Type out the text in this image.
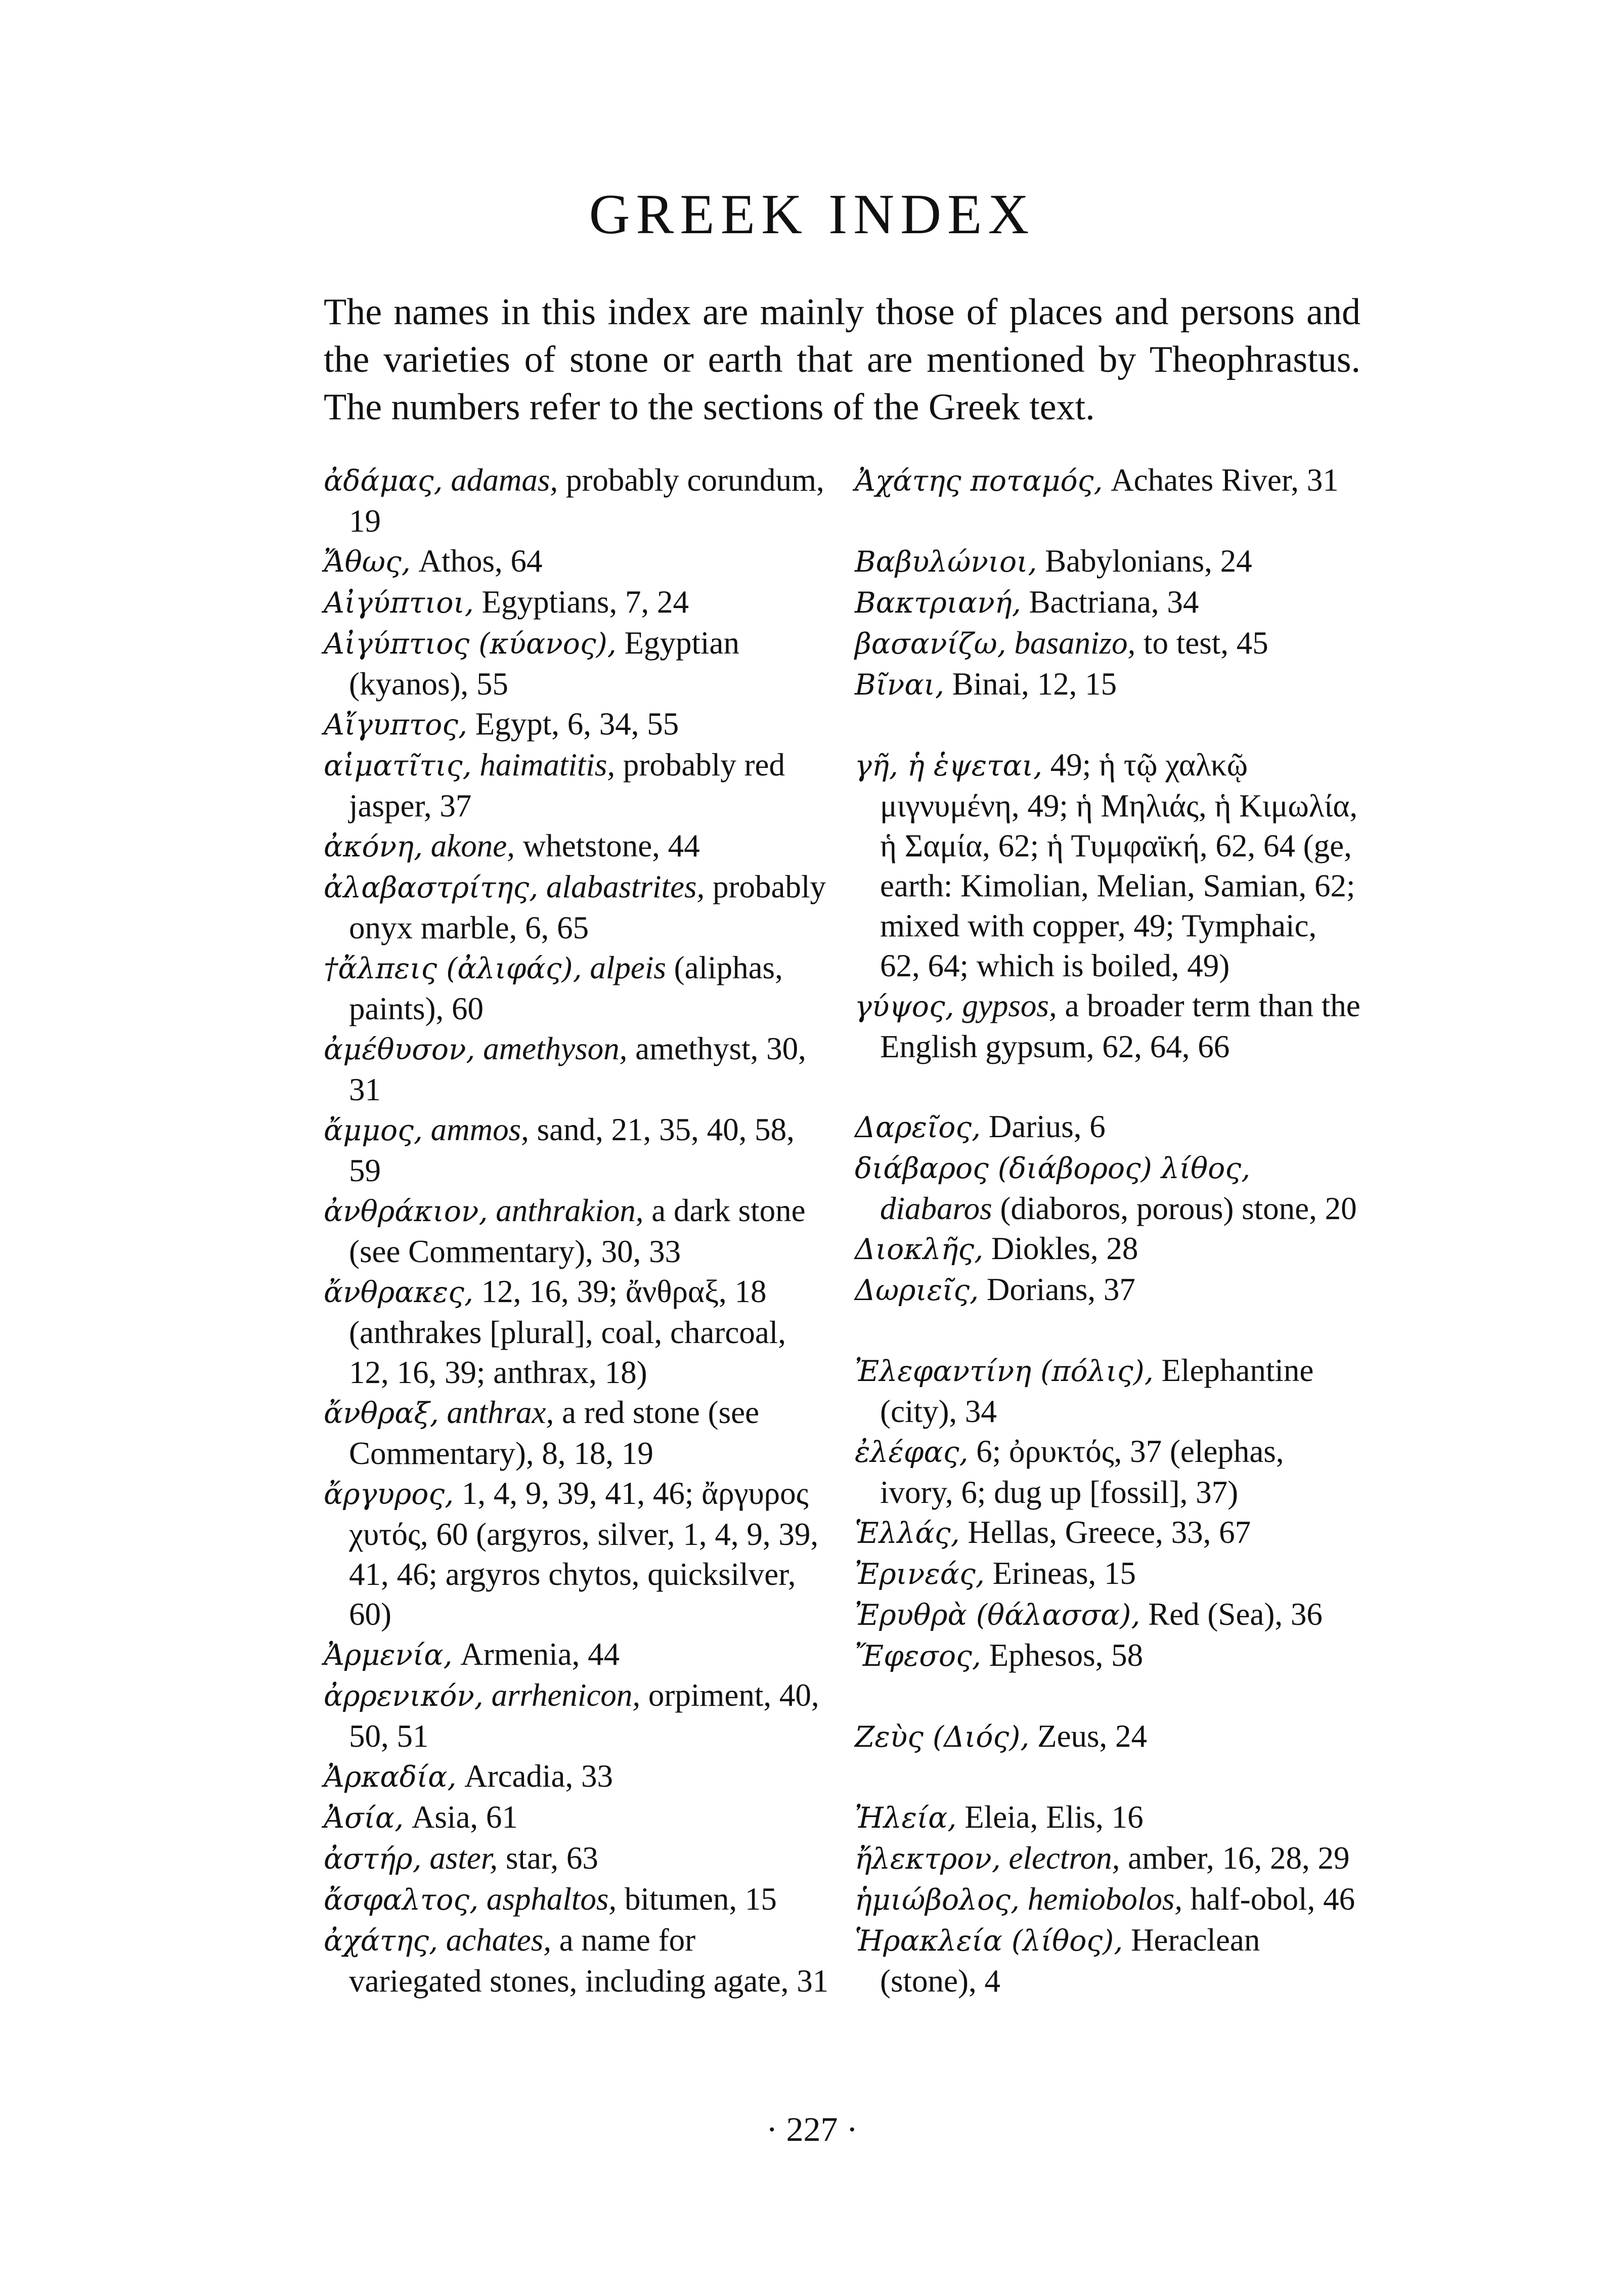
GREEK INDEX
The names in this index are mainly those of places and persons and the varieties of stone or earth that are mentioned by Theophrastus. The numbers refer to the sections of the Greek text.

ἀδάμας, adamas, probably corundum, 19

Ἄθως, Athos, 64

Αἰγύπτιοι, Egyptians, 7, 24

Αἰγύπτιος (κύανος), Egyptian (kyanos), 55

Αἴγυπτος, Egypt, 6, 34, 55

αἱματῖτις, haimatitis, probably red jasper, 37

ἀκόνη, akone, whetstone, 44

ἀλαβαστρίτης, alabastrites, probably onyx marble, 6, 65

†ἄλπεις (ἀλιφάς), alpeis (aliphas, paints), 60

ἀμέθυσον, amethyson, amethyst, 30, 31

ἄμμος, ammos, sand, 21, 35, 40, 58, 59

ἀνθράκιον, anthrakion, a dark stone (see Commentary), 30, 33

ἄνθρακες, 12, 16, 39; ἄνθραξ, 18 (anthrakes [plural], coal, charcoal, 12, 16, 39; anthrax, 18)

ἄνθραξ, anthrax, a red stone (see Commentary), 8, 18, 19

ἄργυρος, 1, 4, 9, 39, 41, 46; ἄργυρος χυτός, 60 (argyros, silver, 1, 4, 9, 39, 41, 46; argyros chytos, quicksilver, 60)

Ἀρμενία, Armenia, 44

ἀρρενικόν, arrhenicon, orpiment, 40, 50, 51

Ἀρκαδία, Arcadia, 33

Ἀσία, Asia, 61

ἀστήρ, aster, star, 63

ἄσφαλτος, asphaltos, bitumen, 15

ἀχάτης, achates, a name for variegated stones, including agate, 31

Ἀχάτης ποταμός, Achates River, 31

Βαβυλώνιοι, Babylonians, 24

Βακτριανή, Bactriana, 34

βασανίζω, basanizo, to test, 45

Βῖναι, Binai, 12, 15

γῆ, ἡ ἑψεται, 49; ἡ τῷ χαλκῷ μιγνυμένη, 49; ἡ Μηλιάς, ἡ Κιμωλία, ἡ Σαμία, 62; ἡ Τυμφαϊκή, 62, 64 (ge, earth: Kimolian, Melian, Samian, 62; mixed with copper, 49; Tymphaic, 62, 64; which is boiled, 49)

γύψος, gypsos, a broader term than the English gypsum, 62, 64, 66

Δαρεῖος, Darius, 6

διάβαρος (διάβορος) λίθος, diabaros (diaboros, porous) stone, 20

Διοκλῆς, Diokles, 28

Δωριεῖς, Dorians, 37

Ἐλεφαντίνη (πόλις), Elephantine (city), 34

ἐλέφας, 6; ὀρυκτός, 37 (elephas, ivory, 6; dug up [fossil], 37)

Ἑλλάς, Hellas, Greece, 33, 67

Ἐρινεάς, Erineas, 15

Ἐρυθρὰ (θάλασσα), Red (Sea), 36

Ἔφεσος, Ephesos, 58

Ζεὺς (Διός), Zeus, 24

Ἠλεία, Eleia, Elis, 16

ἤλεκτρον, electron, amber, 16, 28, 29

ἡμιώβολος, hemiobolos, half-obol, 46

Ἡρακλεία (λίθος), Heraclean (stone), 4

· 227 ·
